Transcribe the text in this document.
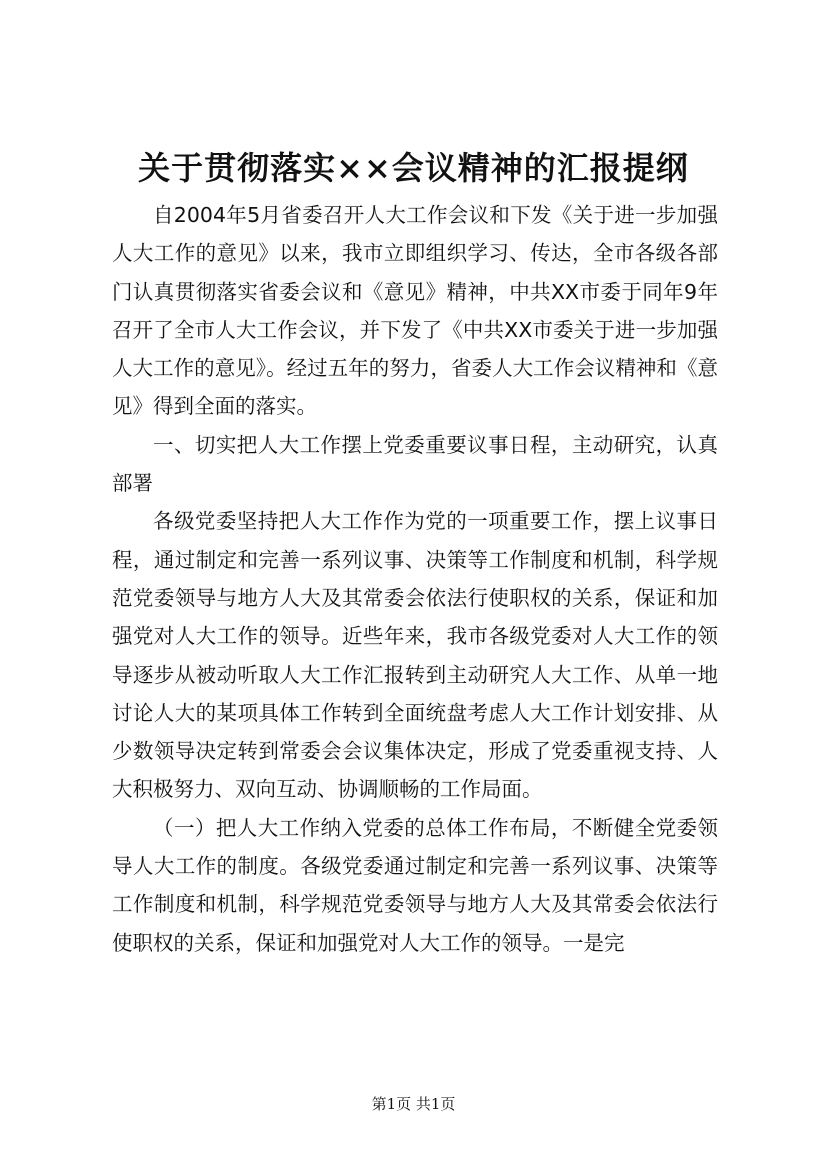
关于贯彻落实××会议精神的汇报提纲

自2004年5月省委召开人大工作会议和下发《关于进一步加强人大工作的意见》以来，我市立即组织学习、传达，全市各级各部门认真贯彻落实省委会议和《意见》精神，中共XX市委于同年9年召开了全市人大工作会议，并下发了《中共XX市委关于进一步加强人大工作的意见》。经过五年的努力，省委人大工作会议精神和《意见》得到全面的落实。

一、切实把人大工作摆上党委重要议事日程，主动研究，认真部署

各级党委坚持把人大工作作为党的一项重要工作，摆上议事日程，通过制定和完善一系列议事、决策等工作制度和机制，科学规范党委领导与地方人大及其常委会依法行使职权的关系，保证和加强党对人大工作的领导。近些年来，我市各级党委对人大工作的领导逐步从被动听取人大工作汇报转到主动研究人大工作、从单一地讨论人大的某项具体工作转到全面统盘考虑人大工作计划安排、从少数领导决定转到常委会会议集体决定，形成了党委重视支持、人大积极努力、双向互动、协调顺畅的工作局面。

（一）把人大工作纳入党委的总体工作布局，不断健全党委领导人大工作的制度。各级党委通过制定和完善一系列议事、决策等工作制度和机制，科学规范党委领导与地方人大及其常委会依法行使职权的关系，保证和加强党对人大工作的领导。一是完

第1页 共1页
